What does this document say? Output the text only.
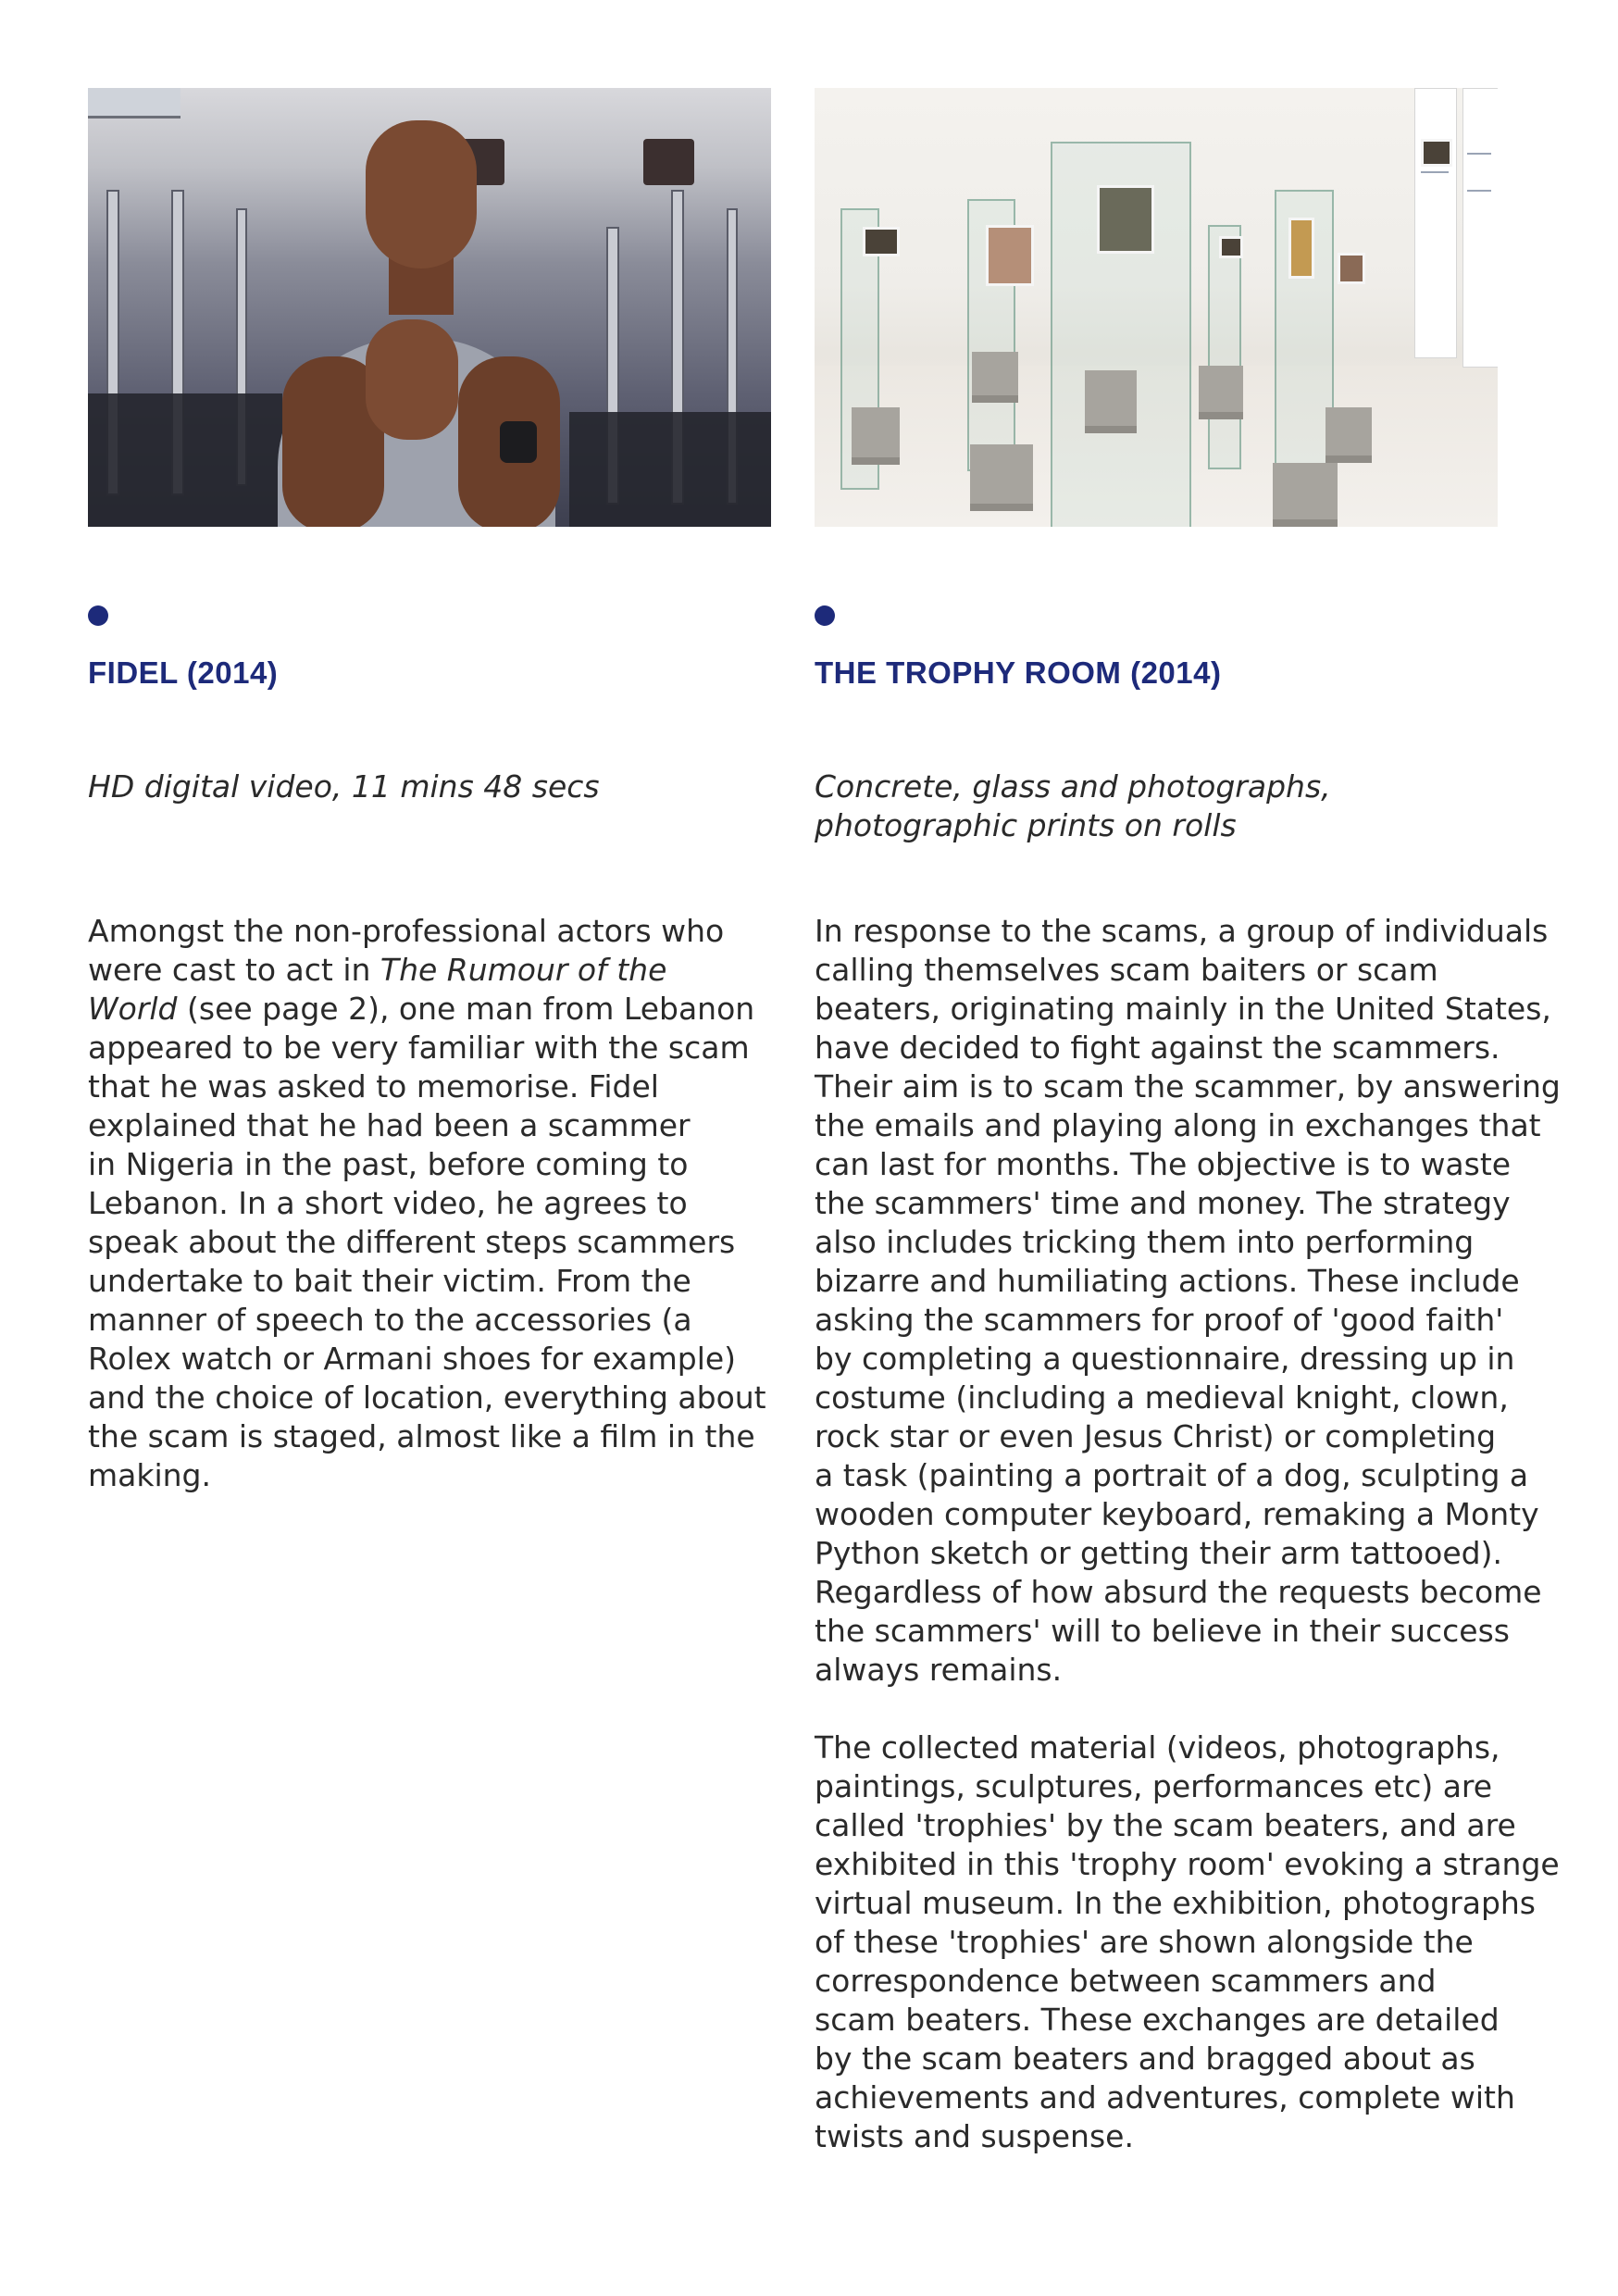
FIDEL (2014)
HD digital video, 11 mins 48 secs
Amongst the non-professional actors who
were cast to act in The Rumour of the
World (see page 2), one man from Lebanon
appeared to be very familiar with the scam
that he was asked to memorise. Fidel
explained that he had been a scammer
in Nigeria in the past, before coming to
Lebanon. In a short video, he agrees to
speak about the different steps scammers
undertake to bait their victim. From the
manner of speech to the accessories (a
Rolex watch or Armani shoes for example)
and the choice of location, everything about
the scam is staged, almost like a film in the
making.
THE TROPHY ROOM (2014)
Concrete, glass and photographs,
photographic prints on rolls

In response to the scams, a group of individuals
calling themselves scam baiters or scam
beaters, originating mainly in the United States,
have decided to fight against the scammers.
Their aim is to scam the scammer, by answering
the emails and playing along in exchanges that
can last for months. The objective is to waste
the scammers' time and money. The strategy
also includes tricking them into performing
bizarre and humiliating actions. These include
asking the scammers for proof of 'good faith'
by completing a questionnaire, dressing up in
costume (including a medieval knight, clown,
rock star or even Jesus Christ) or completing
a task (painting a portrait of a dog, sculpting a
wooden computer keyboard, remaking a Monty
Python sketch or getting their arm tattooed).
Regardless of how absurd the requests become
the scammers' will to believe in their success
always remains.

The collected material (videos, photographs,
paintings, sculptures, performances etc) are
called 'trophies' by the scam beaters, and are
exhibited in this 'trophy room' evoking a strange
virtual museum. In the exhibition, photographs
of these 'trophies' are shown alongside the
correspondence between scammers and
scam beaters. These exchanges are detailed
by the scam beaters and bragged about as
achievements and adventures, complete with
twists and suspense.
